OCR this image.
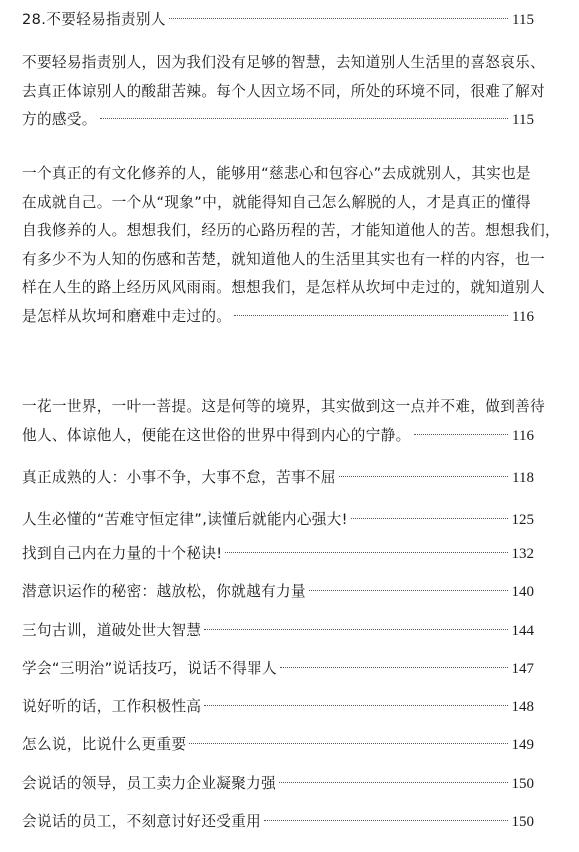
28.不要轻易指责别人	115
不要轻易指责别人，因为我们没有足够的智慧，去知道别人生活里的喜怒哀乐、
去真正体谅别人的酸甜苦辣。每个人因立场不同，所处的环境不同，很难了解对
方的感受。	115
一个真正的有文化修养的人，能够用“慈悲心和包容心”去成就别人，其实也是
在成就自己。一个从“现象”中，就能得知自己怎么解脱的人，才是真正的懂得
自我修养的人。想想我们，经历的心路历程的苦，才能知道他人的苦。想想我们，
有多少不为人知的伤感和苦楚，就知道他人的生活里其实也有一样的内容，也一
样在人生的路上经历风风雨雨。想想我们，是怎样从坎坷中走过的，就知道别人
是怎样从坎坷和磨难中走过的。	116
一花一世界，一叶一菩提。这是何等的境界，其实做到这一点并不难，做到善待
他人、体谅他人，便能在这世俗的世界中得到内心的宁静。	116
真正成熟的人：小事不争，大事不怠，苦事不屈	118
人生必懂的“苦难守恒定律”,读懂后就能内心强大!	125
找到自己内在力量的十个秘诀!	132
潜意识运作的秘密：越放松，你就越有力量	140
三句古训，道破处世大智慧	144
学会“三明治”说话技巧，说话不得罪人	147
说好听的话，工作积极性高	148
怎么说，比说什么更重要	149
会说话的领导，员工卖力企业凝聚力强	150
会说话的员工，不刻意讨好还受重用	150
